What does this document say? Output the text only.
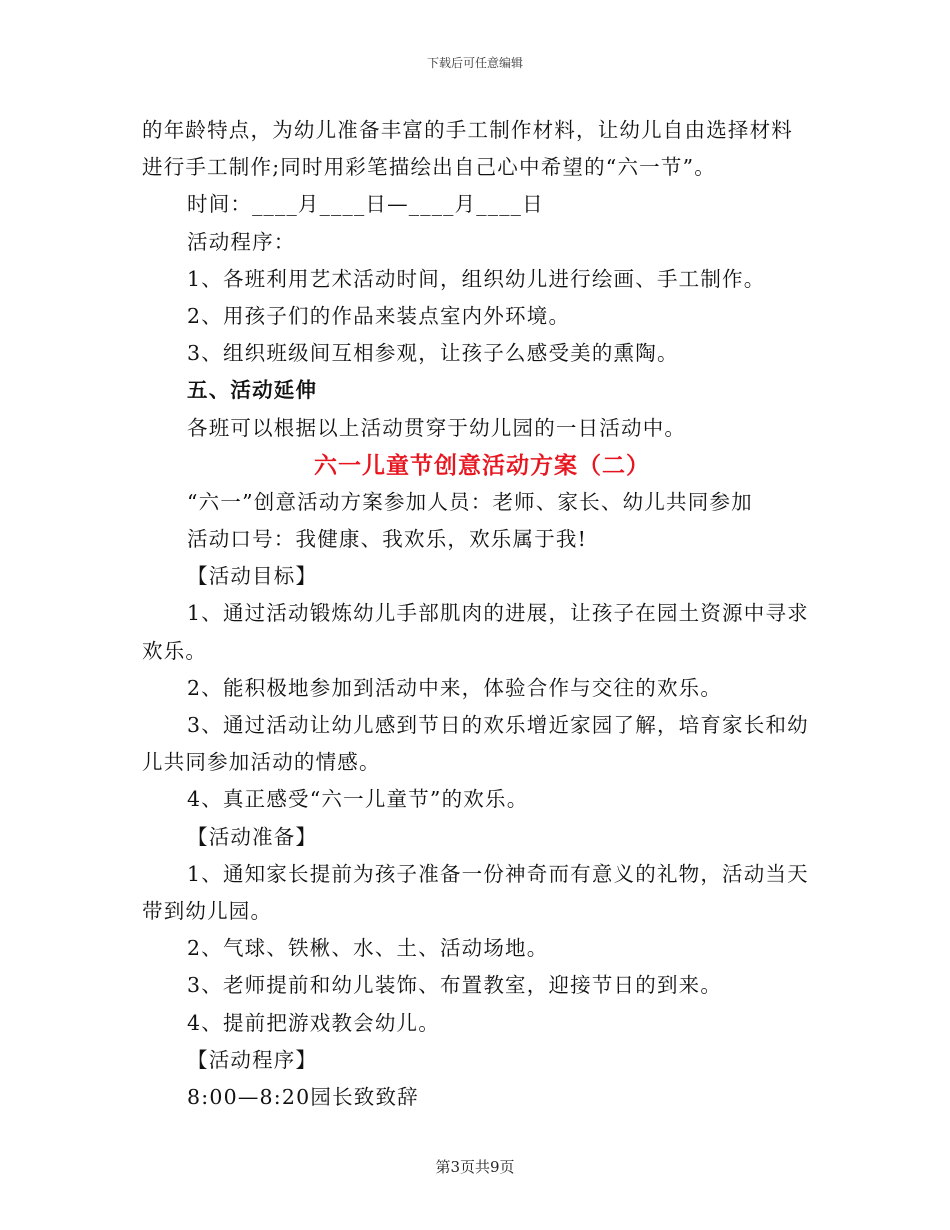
下载后可任意编辑
的年龄特点，为幼儿准备丰富的手工制作材料，让幼儿自由选择材料
进行手工制作;同时用彩笔描绘出自己心中希望的“六一节”。
时间：____月____日—____月____日
活动程序：
1、各班利用艺术活动时间，组织幼儿进行绘画、手工制作。
2、用孩子们的作品来装点室内外环境。
3、组织班级间互相参观，让孩子么感受美的熏陶。
五、活动延伸
各班可以根据以上活动贯穿于幼儿园的一日活动中。
六一儿童节创意活动方案（二）
“六一”创意活动方案参加人员：老师、家长、幼儿共同参加
活动口号：我健康、我欢乐，欢乐属于我!
【活动目标】
1、通过活动锻炼幼儿手部肌肉的进展，让孩子在园土资源中寻求
欢乐。
2、能积极地参加到活动中来，体验合作与交往的欢乐。
3、通过活动让幼儿感到节日的欢乐增近家园了解，培育家长和幼
儿共同参加活动的情感。
4、真正感受“六一儿童节”的欢乐。
【活动准备】
1、通知家长提前为孩子准备一份神奇而有意义的礼物，活动当天
带到幼儿园。
2、气球、铁楸、水、土、活动场地。
3、老师提前和幼儿装饰、布置教室，迎接节日的到来。
4、提前把游戏教会幼儿。
【活动程序】
8:00—8:20园长致致辞
第3页共9页
